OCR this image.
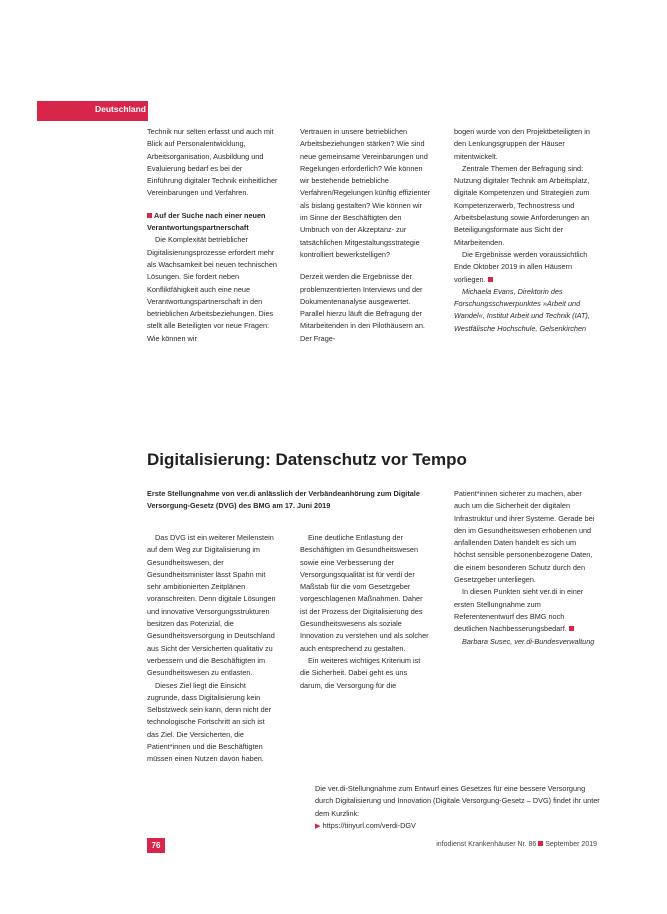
Deutschland

Technik nur selten erfasst und auch mit Blick auf Personalentwicklung, Arbeitsorganisation, Ausbildung und Evaluierung bedarf es bei der Einführung digitaler Technik einheitlicher Vereinbarungen und Verfahren.

Auf der Suche nach einer neuen Verantwortungspartnerschaft

Die Komplexität betrieblicher Digitalisierungsprozesse erfordert mehr als Wachsamkeit bei neuen technischen Lösungen. Sie fordert neben Konfliktfähigkeit auch eine neue Verantwortungspartnerschaft in den betrieblichen Arbeitsbeziehungen. Dies stellt alle Beteiligten vor neue Fragen: Wie können wir

Vertrauen in unsere betrieblichen Arbeitsbeziehungen stärken? Wie sind neue gemeinsame Vereinbarungen und Regelungen erforderlich? Wie können wir bestehende betriebliche Verfahren/Regelungen künftig effizienter als bislang gestalten? Wie können wir im Sinne der Beschäftigten den Umbruch von der Akzeptanz- zur tatsächlichen Mitgestaltungsstrategie kontrolliert bewerkstelligen?

Derzeit werden die Ergebnisse der problemzentrierten Interviews und der Dokumentenanalyse ausgewertet. Parallel hierzu läuft die Befragung der Mitarbeitenden in den Pilothäusern an. Der Frage-

bogen wurde von den Projektbeteiligten in den Lenkungsgruppen der Häuser mitentwickelt.

Zentrale Themen der Befragung sind: Nutzung digitaler Technik am Arbeitsplatz, digitale Kompetenzen und Strategien zum Kompetenzerwerb, Technostress und Arbeitsbelastung sowie Anforderungen an Beteiligungsformate aus Sicht der Mitarbeitenden.

Die Ergebnisse werden voraussichtlich Ende Oktober 2019 in allen Häusern vorliegen.

Michaela Evans, Direktorin des Forschungsschwerpunktes »Arbeit und Wandel«, Institut Arbeit und Technik (IAT), Westfälische Hochschule, Gelsenkirchen

Digitalisierung: Datenschutz vor Tempo
Erste Stellungnahme von ver.di anlässlich der Verbändeanhörung zum Digitale Versorgung-Gesetz (DVG) des BMG am 17. Juni 2019

Das DVG ist ein weiterer Meilenstein auf dem Weg zur Digitalisierung im Gesundheitswesen, der Gesundheitsminister lässt Spahn mit sehr ambitionierten Zeitplänen voranschreiten. Denn digitale Lösungen und innovative Versorgungsstrukturen besitzen das Potenzial, die Gesundheitsversorgung in Deutschland aus Sicht der Versicherten qualitativ zu verbessern und die Beschäftigten im Gesundheitswesen zu entlasten.

Dieses Ziel liegt die Einsicht zugrunde, dass Digitalisierung kein Selbstzweck sein kann, denn nicht der technologische Fortschritt an sich ist das Ziel. Die Versicherten, die Patient*innen und die Beschäftigten müssen einen Nutzen davon haben.

Eine deutliche Entlastung der Beschäftigten im Gesundheitswesen sowie eine Verbesserung der Versorgungsqualität ist für verdi der Maßstab für die vom Gesetzgeber vorgeschlagenen Maßnahmen. Daher ist der Prozess der Digitalisierung des Gesundheitswesens als soziale Innovation zu verstehen und als solcher auch entsprechend zu gestalten.

Ein weiteres wichtiges Kriterium ist die Sicherheit. Dabei geht es uns darum, die Versorgung für die

Patient*innen sicherer zu machen, aber auch um die Sicherheit der digitalen Infrastruktur und ihrer Systeme. Gerade bei den im Gesundheitswesen erhobenen und anfallenden Daten handelt es sich um höchst sensible personenbezogene Daten, die einem besonderen Schutz durch den Gesetzgeber unterliegen.

In diesen Punkten sieht ver.di in einer ersten Stellungnahme zum Referentenentwurf des BMG noch deutlichen Nachbesserungsbedarf.

Barbara Susec, ver.di-Bundesverwaltung

Die ver.di-Stellungnahme zum Entwurf eines Gesetzes für eine bessere Versorgung durch Digitalisierung und Innovation (Digitale Versorgung-Gesetz – DVG) findet ihr unter dem Kurzlink:

▶ https://tinyurl.com/verdi-DGV

76	infodienst Krankenhäuser Nr. 86 September 2019
